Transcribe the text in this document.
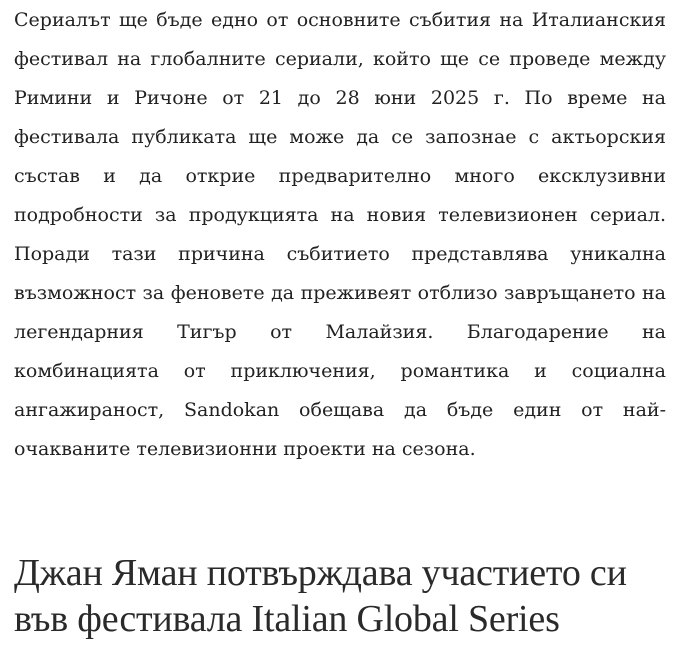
Сериалът ще бъде едно от основните събития на Италианския фестивал на глобалните сериали, който ще се проведе между Римини и Ричоне от 21 до 28 юни 2025 г. По време на фестивала публиката ще може да се запознае с актьорския състав и да открие предварително много ексклузивни подробности за продукцията на новия телевизионен сериал. Поради тази причина събитието представлява уникална възможност за феновете да преживеят отблизо завръщането на легендарния Тигър от Малайзия. Благодарение на комбинацията от приключения, романтика и социална ангажираност, Sandokan обещава да бъде един от най-очакваните телевизионни проекти на сезона.

Джан Яман потвърждава участието си във фестивала Italian Global Series
